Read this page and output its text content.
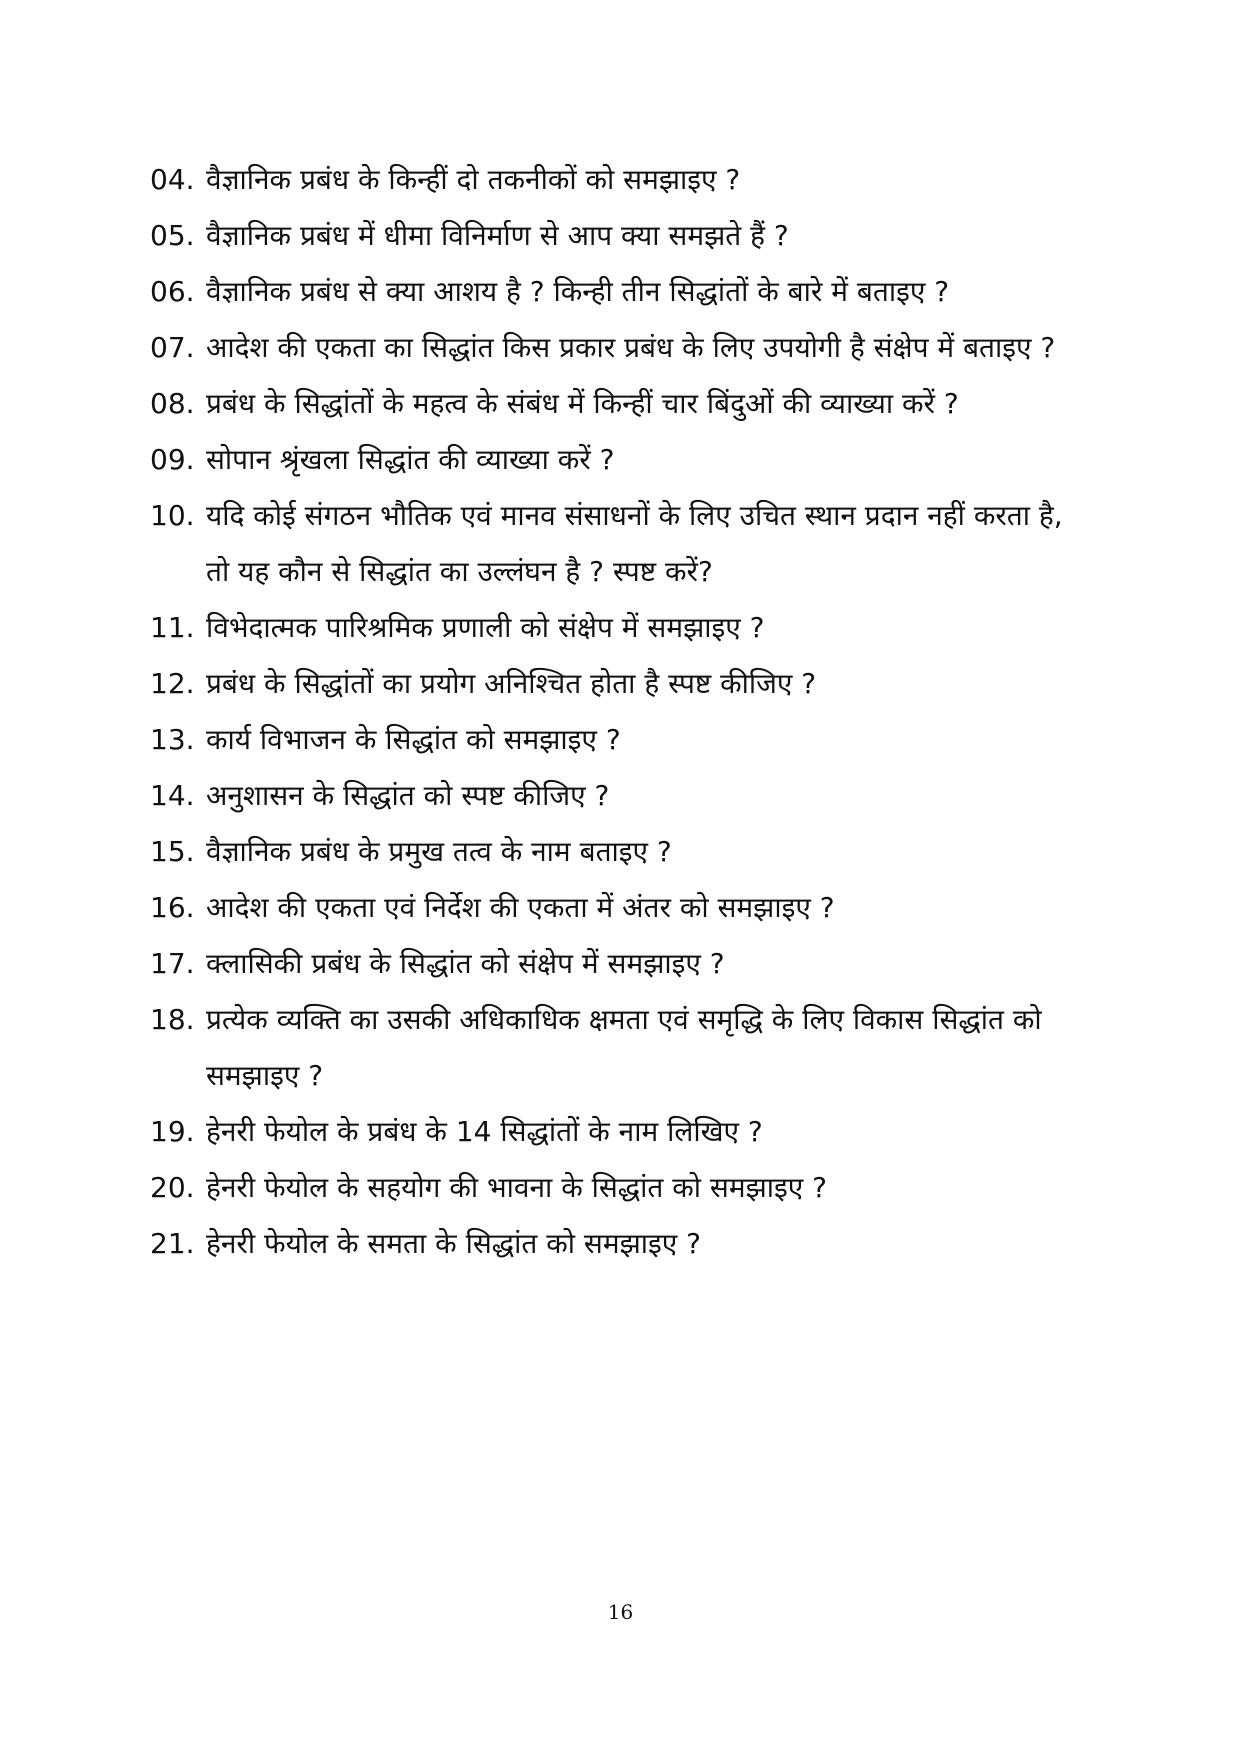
04. वैज्ञानिक प्रबंध के किन्हीं दो तकनीकों को समझाइए ?
05. वैज्ञानिक प्रबंध में धीमा विनिर्माण से आप क्या समझते हैं ?
06. वैज्ञानिक प्रबंध से क्या आशय है ? किन्ही तीन सिद्धांतों के बारे में बताइए ?
07. आदेश की एकता का सिद्धांत किस प्रकार प्रबंध के लिए उपयोगी है संक्षेप में बताइए ?
08. प्रबंध के सिद्धांतों के महत्व के संबंध में किन्हीं चार बिंदुओं की व्याख्या करें ?
09. सोपान श्रृंखला सिद्धांत की व्याख्या करें ?
10. यदि कोई संगठन भौतिक एवं मानव संसाधनों के लिए उचित स्थान प्रदान नहीं करता है, तो यह कौन से सिद्धांत का उल्लंघन है ? स्पष्ट करें?
11. विभेदात्मक पारिश्रमिक प्रणाली को संक्षेप में समझाइए ?
12. प्रबंध के सिद्धांतों का प्रयोग अनिश्चित होता है स्पष्ट कीजिए ?
13. कार्य विभाजन के सिद्धांत को समझाइए ?
14. अनुशासन के सिद्धांत को स्पष्ट कीजिए ?
15. वैज्ञानिक प्रबंध के प्रमुख तत्व के नाम बताइए ?
16. आदेश की एकता एवं निर्देश की एकता में अंतर को समझाइए ?
17. क्लासिकी प्रबंध के सिद्धांत को संक्षेप में समझाइए ?
18. प्रत्येक व्यक्ति का उसकी अधिकाधिक क्षमता एवं समृद्धि के लिए विकास सिद्धांत को समझाइए ?
19. हेनरी फेयोल के प्रबंध के 14 सिद्धांतों के नाम लिखिए ?
20. हेनरी फेयोल के सहयोग की भावना के सिद्धांत को समझाइए ?
21. हेनरी फेयोल के समता के सिद्धांत को समझाइए ?
16
